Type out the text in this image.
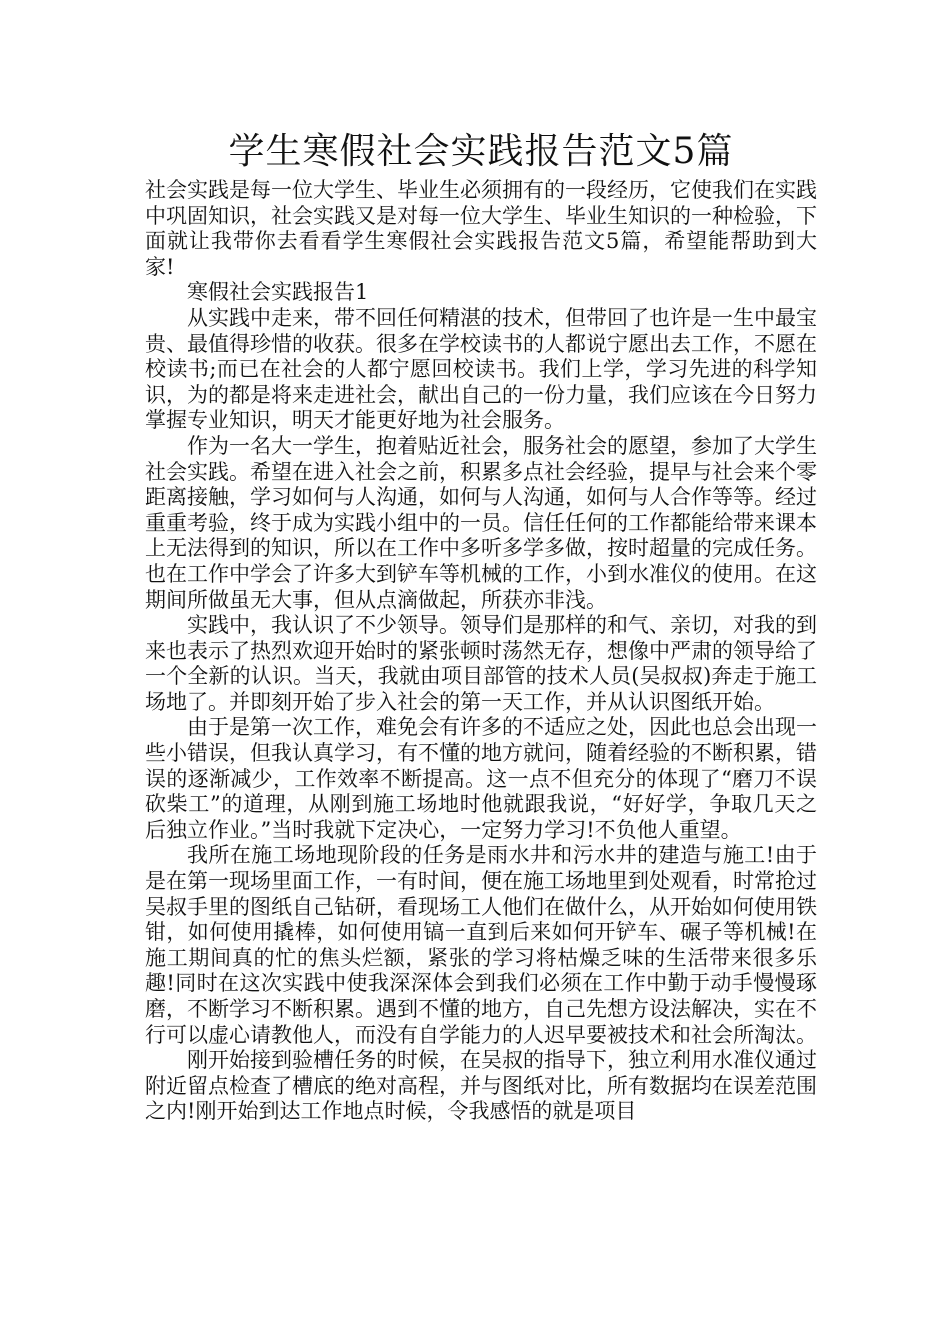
学生寒假社会实践报告范文5篇

社会实践是每一位大学生、毕业生必须拥有的一段经历，它使我们在实践中巩固知识，社会实践又是对每一位大学生、毕业生知识的一种检验，下面就让我带你去看看学生寒假社会实践报告范文5篇，希望能帮助到大家!

寒假社会实践报告1

从实践中走来，带不回任何精湛的技术，但带回了也许是一生中最宝贵、最值得珍惜的收获。很多在学校读书的人都说宁愿出去工作，不愿在校读书;而已在社会的人都宁愿回校读书。我们上学，学习先进的科学知识，为的都是将来走进社会，献出自己的一份力量，我们应该在今日努力掌握专业知识，明天才能更好地为社会服务。

作为一名大一学生，抱着贴近社会，服务社会的愿望，参加了大学生社会实践。希望在进入社会之前，积累多点社会经验，提早与社会来个零距离接触，学习如何与人沟通，如何与人沟通，如何与人合作等等。经过重重考验，终于成为实践小组中的一员。信任任何的工作都能给带来课本上无法得到的知识，所以在工作中多听多学多做，按时超量的完成任务。也在工作中学会了许多大到铲车等机械的工作，小到水准仪的使用。在这期间所做虽无大事，但从点滴做起，所获亦非浅。

实践中，我认识了不少领导。领导们是那样的和气、亲切，对我的到来也表示了热烈欢迎开始时的紧张顿时荡然无存，想像中严肃的领导给了一个全新的认识。当天，我就由项目部管的技术人员(吴叔叔)奔走于施工场地了。并即刻开始了步入社会的第一天工作，并从认识图纸开始。

由于是第一次工作，难免会有许多的不适应之处，因此也总会出现一些小错误，但我认真学习，有不懂的地方就问，随着经验的不断积累，错误的逐渐减少，工作效率不断提高。这一点不但充分的体现了“磨刀不误砍柴工”的道理，从刚到施工场地时他就跟我说，“好好学，争取几天之后独立作业。”当时我就下定决心，一定努力学习!不负他人重望。

我所在施工场地现阶段的任务是雨水井和污水井的建造与施工!由于是在第一现场里面工作，一有时间，便在施工场地里到处观看，时常抢过吴叔手里的图纸自己钻研，看现场工人他们在做什么，从开始如何使用铁钳，如何使用撬棒，如何使用镐一直到后来如何开铲车、碾子等机械!在施工期间真的忙的焦头烂额，紧张的学习将枯燥乏味的生活带来很多乐趣!同时在这次实践中使我深深体会到我们必须在工作中勤于动手慢慢琢磨，不断学习不断积累。遇到不懂的地方，自己先想方设法解决，实在不行可以虚心请教他人，而没有自学能力的人迟早要被技术和社会所淘汰。

刚开始接到验槽任务的时候，在吴叔的指导下，独立利用水准仪通过附近留点检查了槽底的绝对高程，并与图纸对比，所有数据均在误差范围之内!刚开始到达工作地点时候，令我感悟的就是项目
